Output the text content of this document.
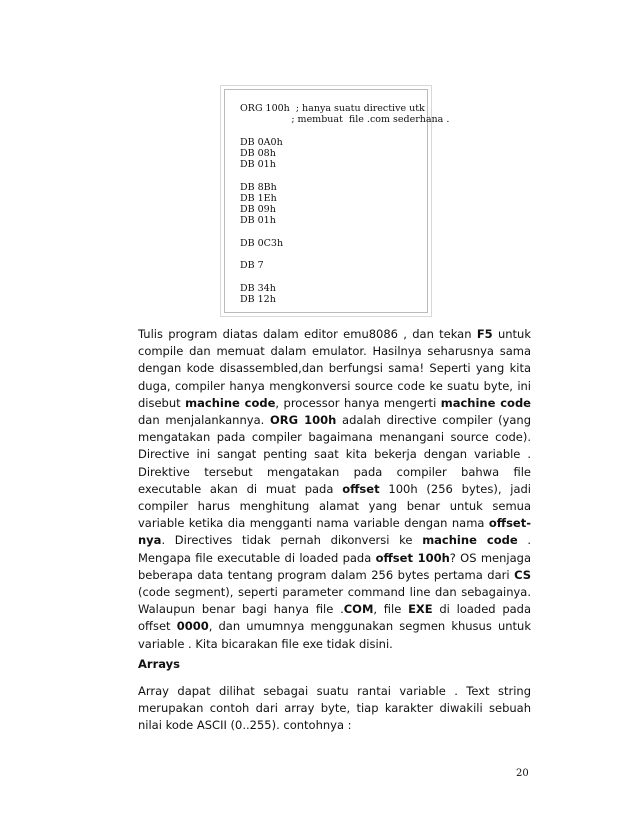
ORG 100h  ; hanya suatu directive utk
; membuat  file .com sederhana .
DB 0A0h
DB 08h
DB 01h
DB 8Bh
DB 1Eh
DB 09h
DB 01h
DB 0C3h
DB 7
DB 34h
DB 12h
Tulis program diatas dalam editor emu8086 , dan tekan F5 untuk compile dan memuat dalam emulator. Hasilnya seharusnya sama dengan kode disassembled,dan berfungsi sama! Seperti yang kita duga, compiler hanya mengkonversi source code ke suatu byte, ini disebut machine code, processor hanya mengerti machine code dan menjalankannya. ORG 100h adalah directive compiler (yang mengatakan pada compiler bagaimana menangani source code). Directive ini sangat penting saat kita bekerja dengan variable . Direktive tersebut mengatakan pada compiler bahwa file executable akan di muat pada offset 100h (256 bytes), jadi compiler harus menghitung alamat yang benar untuk semua variable ketika dia mengganti nama variable dengan nama offset-nya. Directives tidak pernah dikonversi ke machine code . Mengapa file executable di loaded pada offset 100h? OS menjaga beberapa data tentang program dalam 256 bytes pertama dari CS (code segment), seperti parameter command line dan sebagainya. Walaupun benar bagi hanya file .COM, file EXE di loaded pada offset 0000, dan umumnya menggunakan segmen khusus untuk variable . Kita bicarakan file exe tidak disini.
Arrays
Array dapat dilihat sebagai suatu rantai variable . Text string merupakan contoh dari array byte, tiap karakter diwakili sebuah nilai kode ASCII (0..255). contohnya :
20
